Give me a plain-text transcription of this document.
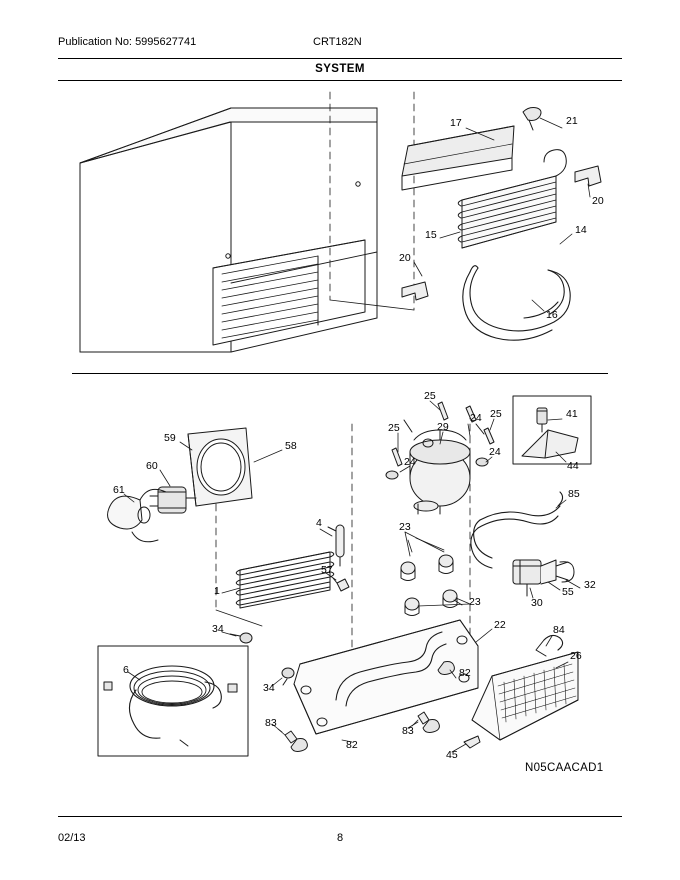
Publication No: 5995627741	CRT182N
SYSTEM
17	21
20
15	14
20
16
59
58
60
61
25
25
25
24
29
24
24
41
44
85
4	23
32
55
30
57
1
23
34
34
22	84
26
82
6
83
83
82
45
N05CAACAD1
02/13	8
